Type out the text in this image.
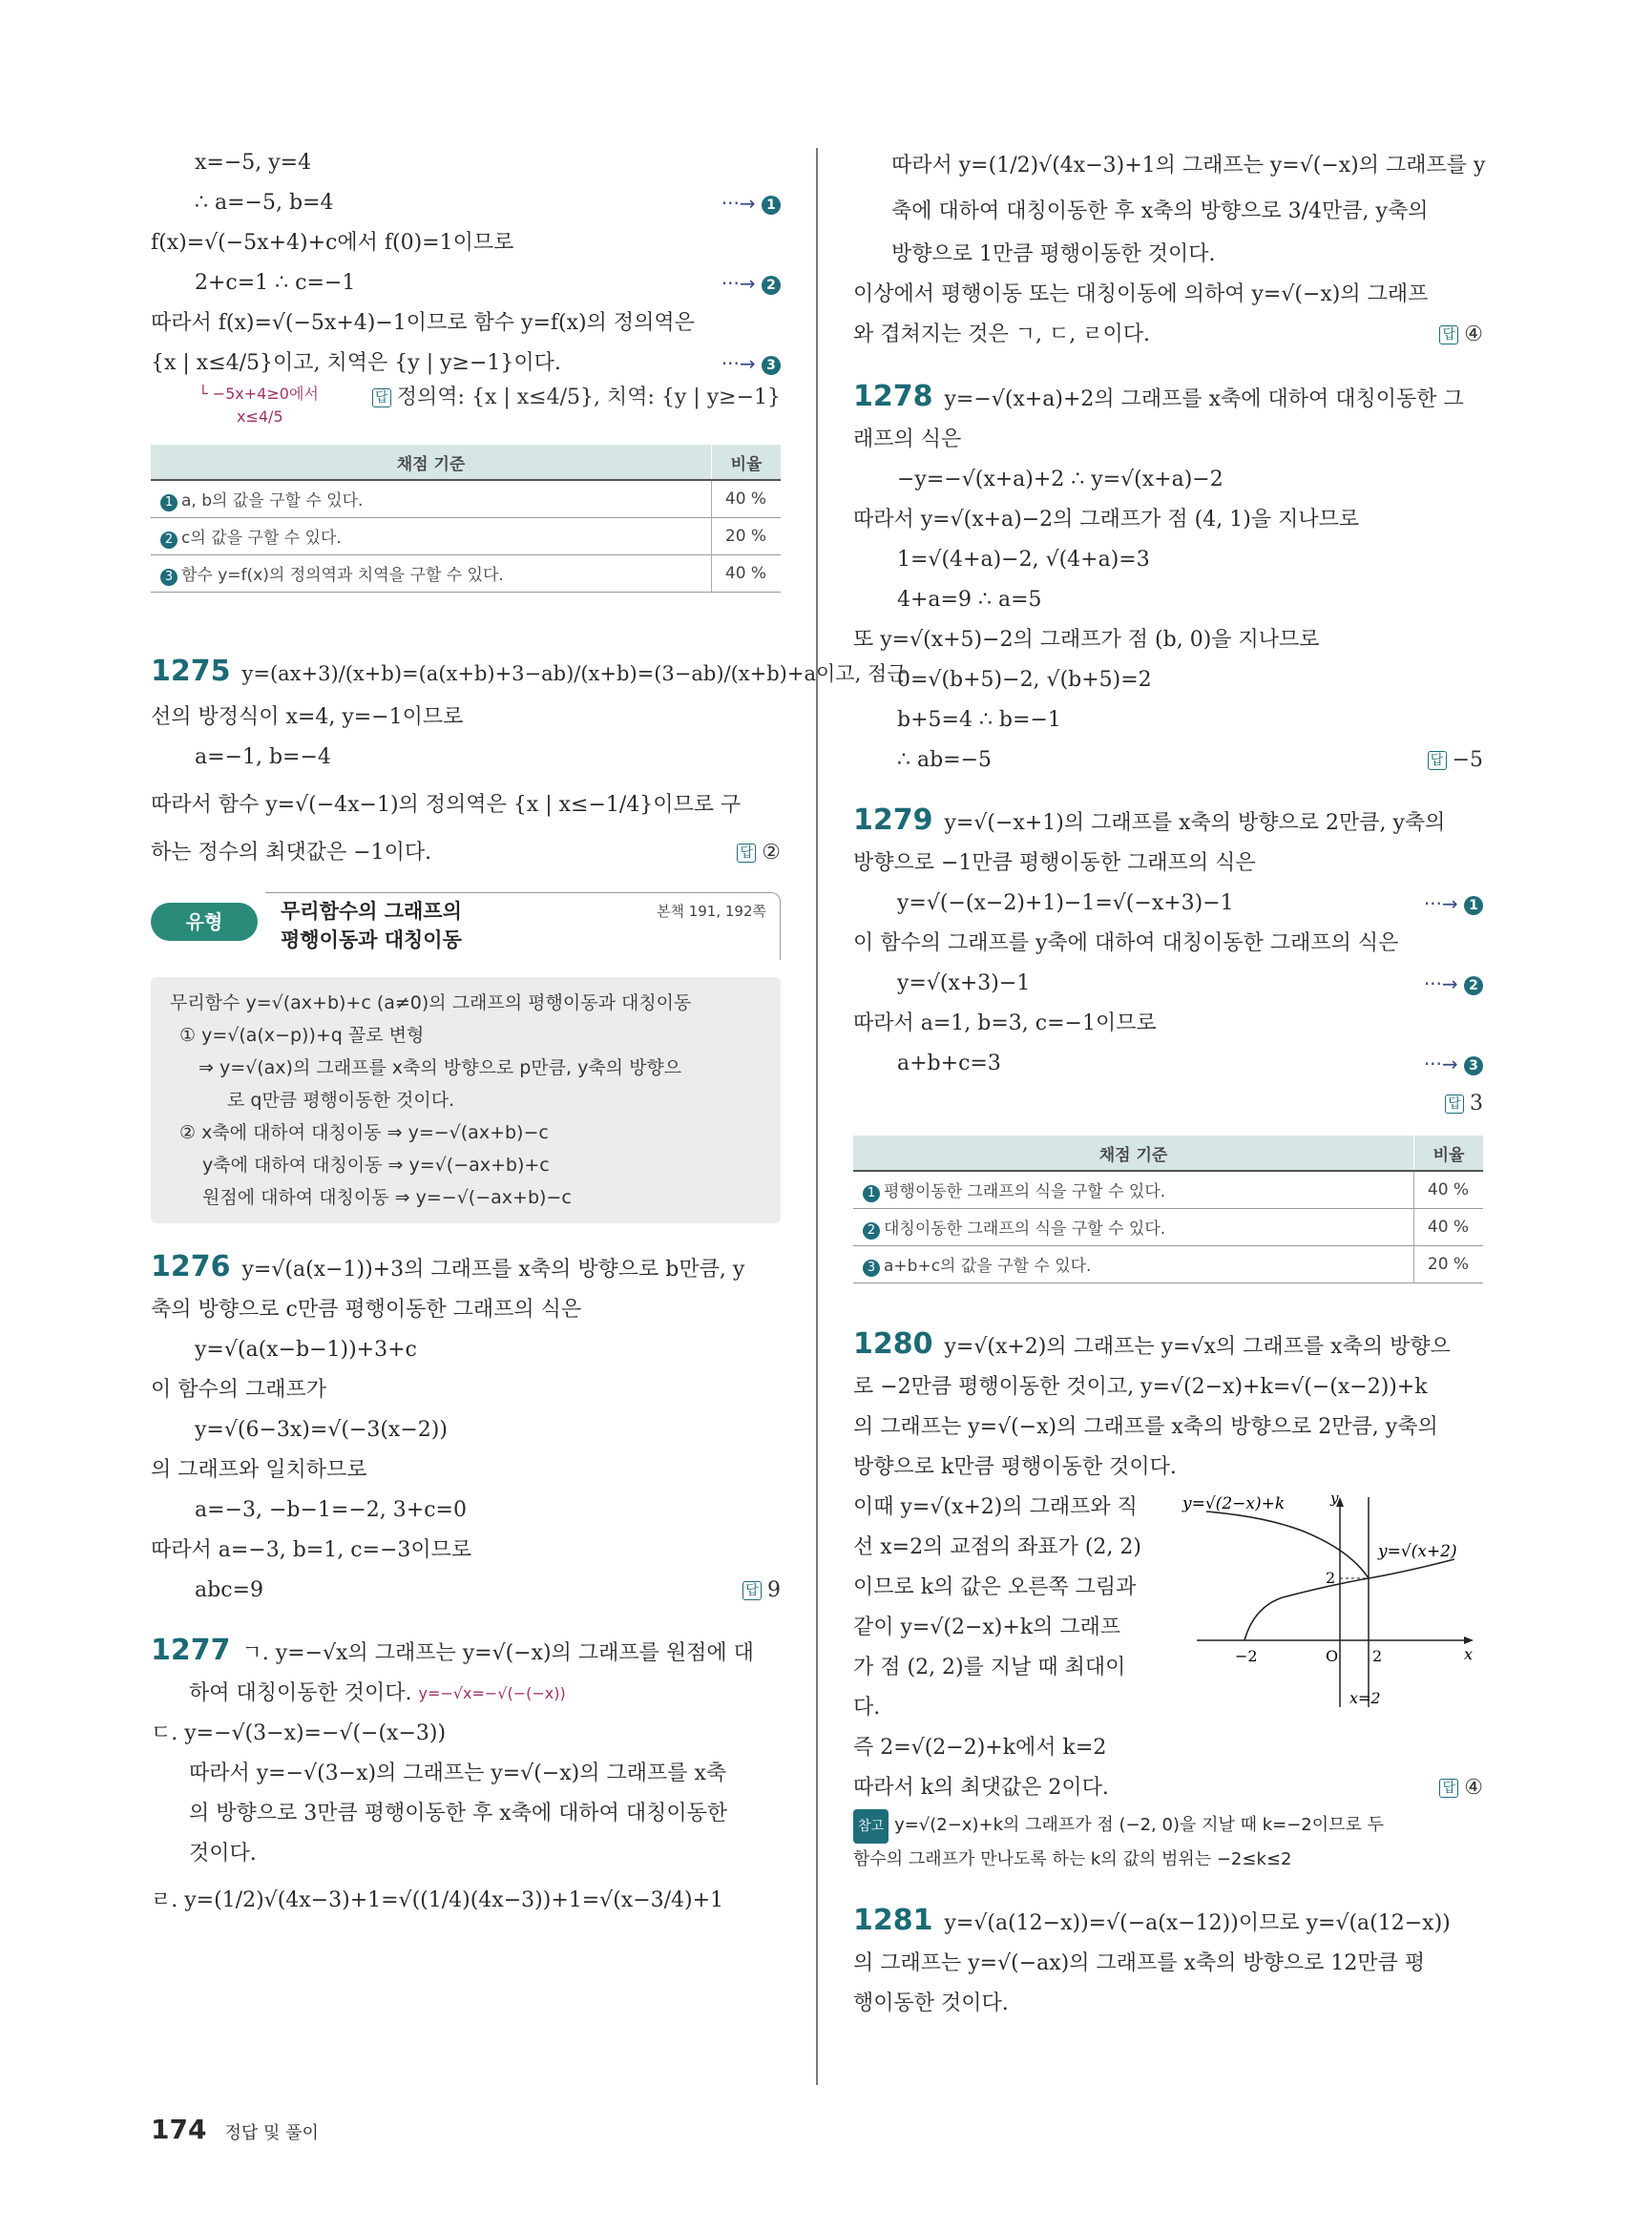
x=−5, y=4
∴ a=−5, b=4	···→ 1
f(x)=√(−5x+4)+c에서 f(0)=1이므로
2+c=1 ∴ c=−1	···→ 2
따라서 f(x)=√(−5x+4)−1이므로 함수 y=f(x)의 정의역은
{x | x≤4/5}이고, 치역은 {y | y≥−1}이다.	···→ 3
└ −5x+4≥0에서
x≤4/5
답 정의역: {x | x≤4/5}, 치역: {y | y≥−1}
채점 기준	비율
1 a, b의 값을 구할 수 있다.	40 %
2 c의 값을 구할 수 있다.	20 %
3 함수 y=f(x)의 정의역과 치역을 구할 수 있다.	40 %
1275 y=(ax+3)/(x+b)=(a(x+b)+3−ab)/(x+b)=(3−ab)/(x+b)+a이고, 점근
선의 방정식이 x=4, y=−1이므로
a=−1, b=−4
따라서 함수 y=√(−4x−1)의 정의역은 {x | x≤−1/4}이므로 구
하는 정수의 최댓값은 −1이다.	답 ②
유형 06~07
무리함수의 그래프의
평행이동과 대칭이동
본책 191, 192쪽
무리함수 y=√(ax+b)+c (a≠0)의 그래프의 평행이동과 대칭이동
① y=√(a(x−p))+q 꼴로 변형
⇒ y=√(ax)의 그래프를 x축의 방향으로 p만큼, y축의 방향으
로 q만큼 평행이동한 것이다.
② x축에 대하여 대칭이동 ⇒ y=−√(ax+b)−c
y축에 대하여 대칭이동 ⇒ y=√(−ax+b)+c
원점에 대하여 대칭이동 ⇒ y=−√(−ax+b)−c
1276 y=√(a(x−1))+3의 그래프를 x축의 방향으로 b만큼, y
축의 방향으로 c만큼 평행이동한 그래프의 식은
y=√(a(x−b−1))+3+c
이 함수의 그래프가
y=√(6−3x)=√(−3(x−2))
의 그래프와 일치하므로
a=−3, −b−1=−2, 3+c=0
따라서 a=−3, b=1, c=−3이므로
abc=9	답 9
1277 ㄱ. y=−√x의 그래프는 y=√(−x)의 그래프를 원점에 대
하여 대칭이동한 것이다. $^{y=-√x=-√(-(-x))}$
ㄷ. y=−√(3−x)=−√(−(x−3))
따라서 y=−√(3−x)의 그래프는 y=√(−x)의 그래프를 x축
의 방향으로 3만큼 평행이동한 후 x축에 대하여 대칭이동한
것이다.
ㄹ. y=(1/2)√(4x−3)+1=√((1/4)(4x−3))+1=√(x−3/4)+1
따라서 y=(1/2)√(4x−3)+1의 그래프는 y=√(−x)의 그래프를 y
축에 대하여 대칭이동한 후 x축의 방향으로 3/4만큼, y축의
방향으로 1만큼 평행이동한 것이다.
이상에서 평행이동 또는 대칭이동에 의하여 y=√(−x)의 그래프
와 겹쳐지는 것은 ㄱ, ㄷ, ㄹ이다.	답 ④
1278 y=−√(x+a)+2의 그래프를 x축에 대하여 대칭이동한 그
래프의 식은
−y=−√(x+a)+2 ∴ y=√(x+a)−2
따라서 y=√(x+a)−2의 그래프가 점 (4, 1)을 지나므로
1=√(4+a)−2, √(4+a)=3
4+a=9 ∴ a=5
또 y=√(x+5)−2의 그래프가 점 (b, 0)을 지나므로
0=√(b+5)−2, √(b+5)=2
b+5=4 ∴ b=−1
∴ ab=−5	답 −5
1279 y=√(−x+1)의 그래프를 x축의 방향으로 2만큼, y축의
방향으로 −1만큼 평행이동한 그래프의 식은
y=√(−(x−2)+1)−1=√(−x+3)−1	···→ 1
이 함수의 그래프를 y축에 대하여 대칭이동한 그래프의 식은
y=√(x+3)−1	···→ 2
따라서 a=1, b=3, c=−1이므로
a+b+c=3	···→ 3
답 3
채점 기준	비율
1 평행이동한 그래프의 식을 구할 수 있다.	40 %
2 대칭이동한 그래프의 식을 구할 수 있다.	40 %
3 a+b+c의 값을 구할 수 있다.	20 %
1280 y=√(x+2)의 그래프는 y=√x의 그래프를 x축의 방향으
로 −2만큼 평행이동한 것이고, y=√(2−x)+k=√(−(x−2))+k
의 그래프는 y=√(−x)의 그래프를 x축의 방향으로 2만큼, y축의
방향으로 k만큼 평행이동한 것이다.
이때 y=√(x+2)의 그래프와 직
선 x=2의 교점의 좌표가 (2, 2)
이므로 k의 값은 오른쪽 그림과
같이 y=√(2−x)+k의 그래프
가 점 (2, 2)를 지날 때 최대이
다.
y=√(2−x)+k
y=√(x+2)
y
x
O
−2	2
2
x=2
즉 2=√(2−2)+k에서 k=2
따라서 k의 최댓값은 2이다.	답 ④
참고 y=√(2−x)+k의 그래프가 점 (−2, 0)을 지날 때 k=−2이므로 두
함수의 그래프가 만나도록 하는 k의 값의 범위는 −2≤k≤2
1281 y=√(a(12−x))=√(−a(x−12))이므로 y=√(a(12−x))
의 그래프는 y=√(−ax)의 그래프를 x축의 방향으로 12만큼 평
행이동한 것이다.
174 정답 및 풀이
